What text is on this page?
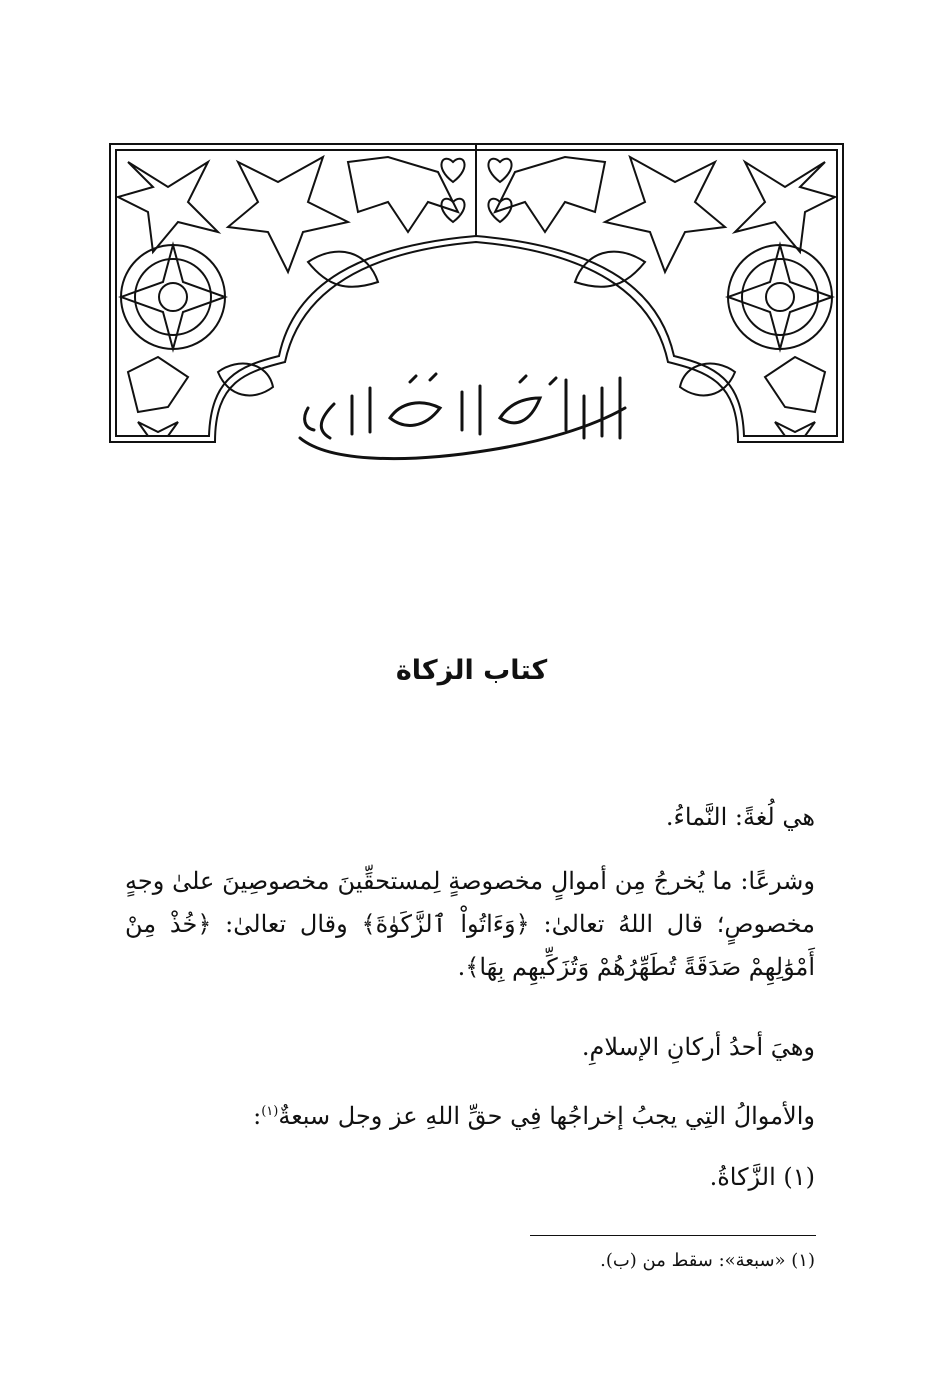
كتاب الزكاة
هي لُغةً: النَّماءُ.
وشرعًا: ما يُخرجُ مِن أموالٍ مخصوصةٍ لِمستحقِّينَ مخصوصِينَ علىٰ وجهٍ مخصوصٍ؛ قال اللهُ تعالىٰ: ﴿وَءَاتُواْ ٱلزَّكَوٰةَ﴾ وقال تعالىٰ: ﴿خُذْ مِنْ أَمْوَٰلِهِمْ صَدَقَةً تُطَهِّرُهُمْ وَتُزَكِّيهِم بِهَا﴾.
وهيَ أحدُ أركانِ الإسلامِ.
والأموالُ التِي يجبُ إخراجُها فِي حقِّ اللهِ عز وجل سبعةٌ$^{(١)}$:
(١) الزَّكاةُ.
(١) «سبعة»: سقط من (ب).
